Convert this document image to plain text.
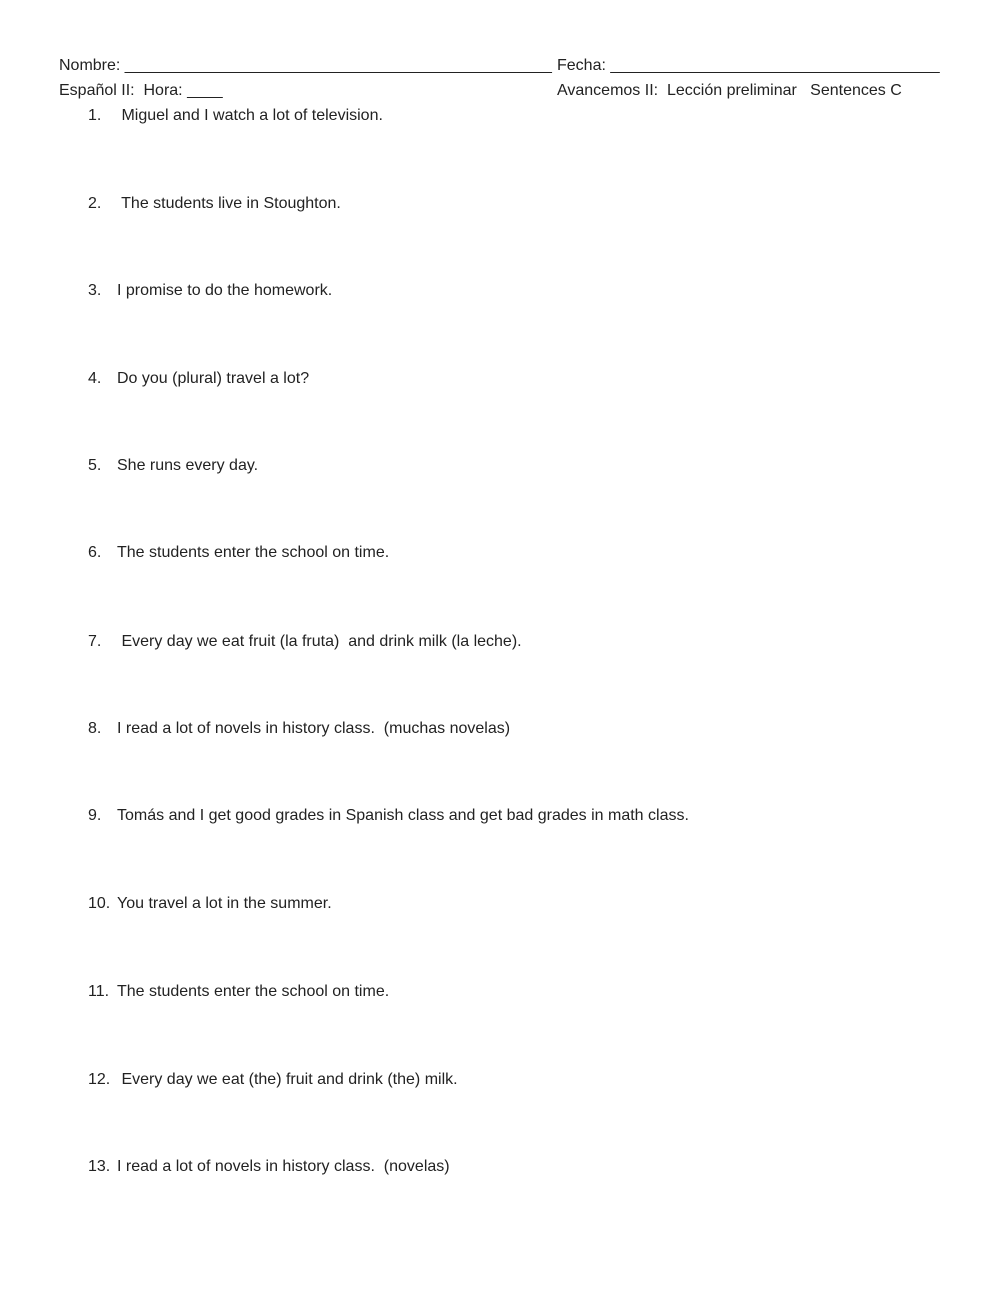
Nombre: ________________________________________________ Fecha: _____________________________________
Español II:  Hora: ____	Avancemos II:  Lección preliminar   Sentences C
1. Miguel and I watch a lot of television.
2. The students live in Stoughton.
3. I promise to do the homework.
4. Do you (plural) travel a lot?
5. She runs every day.
6. The students enter the school on time.
7. Every day we eat fruit (la fruta)  and drink milk (la leche).
8. I read a lot of novels in history class.  (muchas novelas)
9. Tomás and I get good grades in Spanish class and get bad grades in math class.
10. You travel a lot in the summer.
11. The students enter the school on time.
12. Every day we eat (the) fruit and drink (the) milk.
13. I read a lot of novels in history class.  (novelas)
